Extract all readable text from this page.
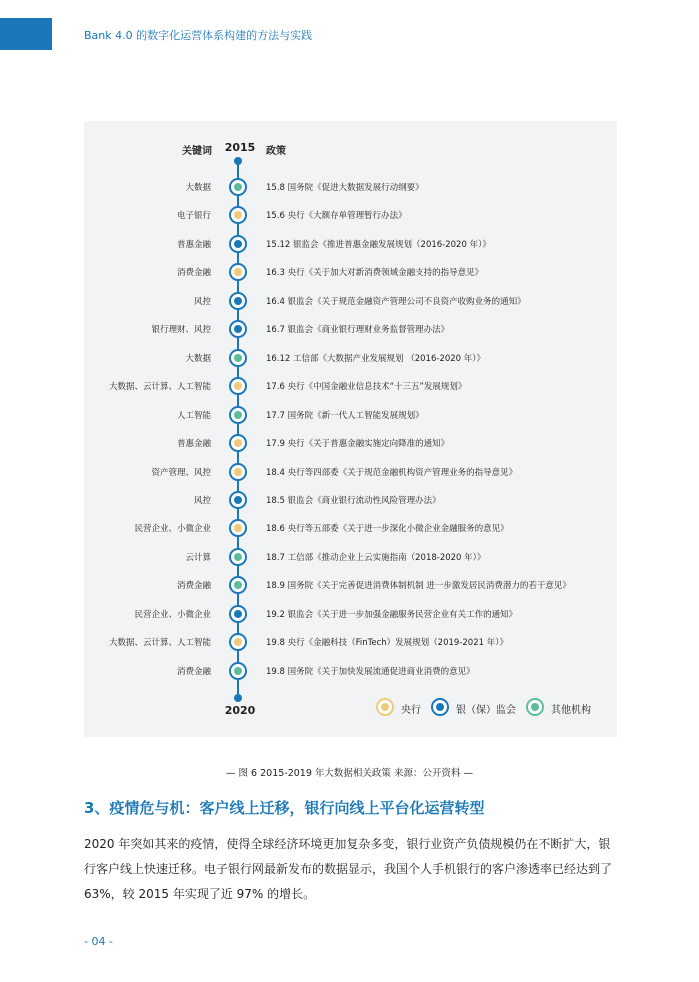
Bank 4.0 的数字化运营体系构建的方法与实践
关键词 2015 政策
大数据	15.8 国务院《促进大数据发展行动纲要》
电子银行	15.6 央行《大额存单管理暂行办法》
普惠金融	15.12 银监会《推进普惠金融发展规划（2016-2020 年）》
消费金融	16.3 央行《关于加大对新消费领域金融支持的指导意见》
风控	16.4 银监会《关于规范金融资产管理公司不良资产收购业务的通知》
银行理财、风控	16.7 银监会《商业银行理财业务监督管理办法》
大数据	16.12 工信部《大数据产业发展规划 （2016-2020 年）》
大数据、云计算、人工智能	17.6 央行《中国金融业信息技术“十三五”发展规划》
人工智能	17.7 国务院《新一代人工智能发展规划》
普惠金融	17.9 央行《关于普惠金融实施定向降准的通知》
资产管理、风控	18.4 央行等四部委《关于规范金融机构资产管理业务的指导意见》
风控	18.5 银监会《商业银行流动性风险管理办法》
民营企业、小微企业	18.6 央行等五部委《关于进一步深化小微企业金融服务的意见》
云计算	18.7 工信部《推动企业上云实施指南（2018-2020 年）》
消费金融	18.9 国务院《关于完善促进消费体制机制 进一步激发居民消费潜力的若干意见》
民营企业、小微企业	19.2 银监会《关于进一步加强金融服务民营企业有关工作的通知》
大数据、云计算、人工智能	19.8 央行《金融科技（FinTech）发展规划（2019-2021 年）》
消费金融	19.8 国务院《关于加快发展流通促进商业消费的意见》
2020	央行	银（保）监会	其他机构
— 图 6 2015-2019 年大数据相关政策 来源：公开资料 —
3、疫情危与机：客户线上迁移，银行向线上平台化运营转型

2020 年突如其来的疫情，使得全球经济环境更加复杂多变，银行业资产负债规模仍在不断扩大，银行客户线上快速迁移。电子银行网最新发布的数据显示，我国个人手机银行的客户渗透率已经达到了 63%，较 2015 年实现了近 97% 的增长。

- 04 -
